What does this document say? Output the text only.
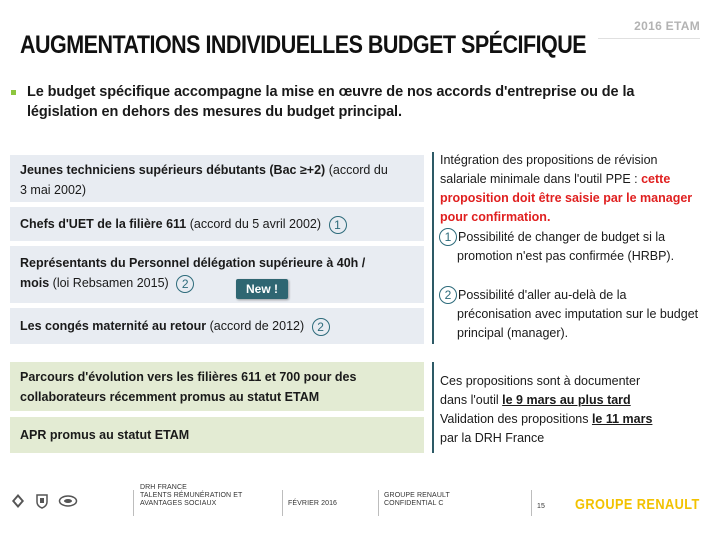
2016 ETAM
AUGMENTATIONS INDIVIDUELLES BUDGET SPÉCIFIQUE
Le budget spécifique accompagne la mise en œuvre de nos accords d'entreprise ou de la
législation en dehors des mesures du budget principal.
Jeunes techniciens supérieurs débutants (Bac ≥+2) (accord du
3 mai 2002)
Chefs d'UET de la filière 611 (accord du 5 avril 2002) 1
Représentants du Personnel délégation supérieure à 40h /
mois (loi Rebsamen 2015) 2	New !
Les congés maternité au retour (accord de 2012) 2
Parcours d'évolution vers les filières 611 et 700 pour des
collaborateurs récemment promus au statut ETAM
APR promus au statut ETAM
Intégration des propositions de révision
salariale minimale dans l'outil PPE : cette
proposition doit être saisie par le manager
pour confirmation.
1 Possibilité de changer de budget si la
promotion n'est pas confirmée (HRBP).
2 Possibilité d'aller au-delà de la
préconisation avec imputation sur le budget
principal (manager).
Ces propositions sont à documenter
dans l'outil le 9 mars au plus tard
Validation des propositions le 11 mars
par la DRH France
DRH FRANCE
TALENTS RÉMUNÉRATION ET
AVANTAGES SOCIAUX	FÉVRIER 2016
GROUPE RENAULT
CONFIDENTIAL C	15 GROUPE RENAULT
